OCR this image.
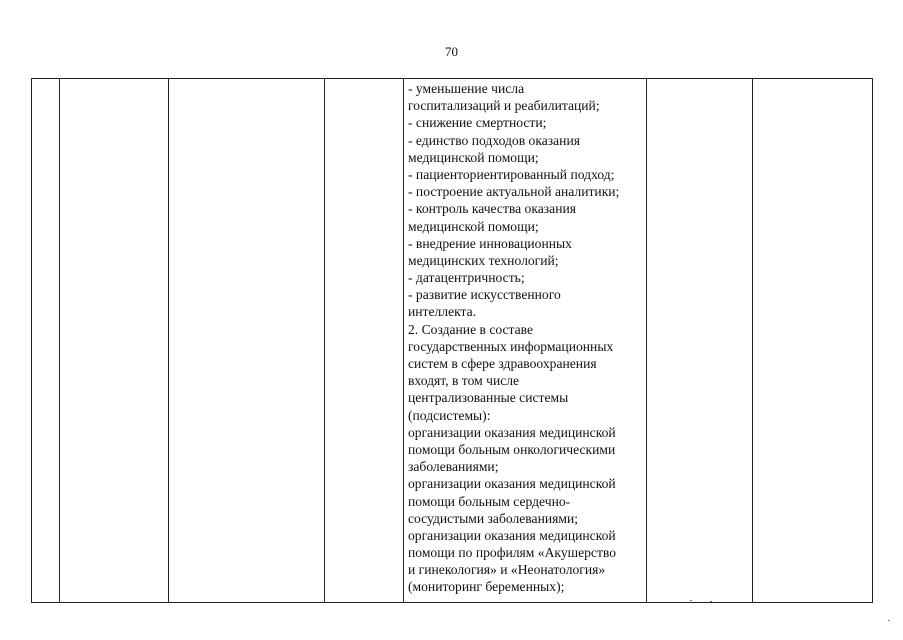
70
- уменьшение числа
госпитализаций и реабилитаций;
- снижение смертности;
- единство подходов оказания
медицинской помощи;
- пациенториентированный подход;
- построение актуальной аналитики;
- контроль качества оказания
медицинской помощи;
- внедрение инновационных
медицинских технологий;
- датацентричность;
- развитие искусственного
интеллекта.
2. Создание в составе
государственных информационных
систем в сфере здравоохранения
входят, в том числе
централизованные системы
(подсистемы):
организации оказания медицинской
помощи больным онкологическими
заболеваниями;
организации оказания медицинской
помощи больным сердечно-
сосудистыми заболеваниями;
организации оказания медицинской
помощи по профилям «Акушерство
и гинекология» и «Неонатология»
(мониторинг беременных);
